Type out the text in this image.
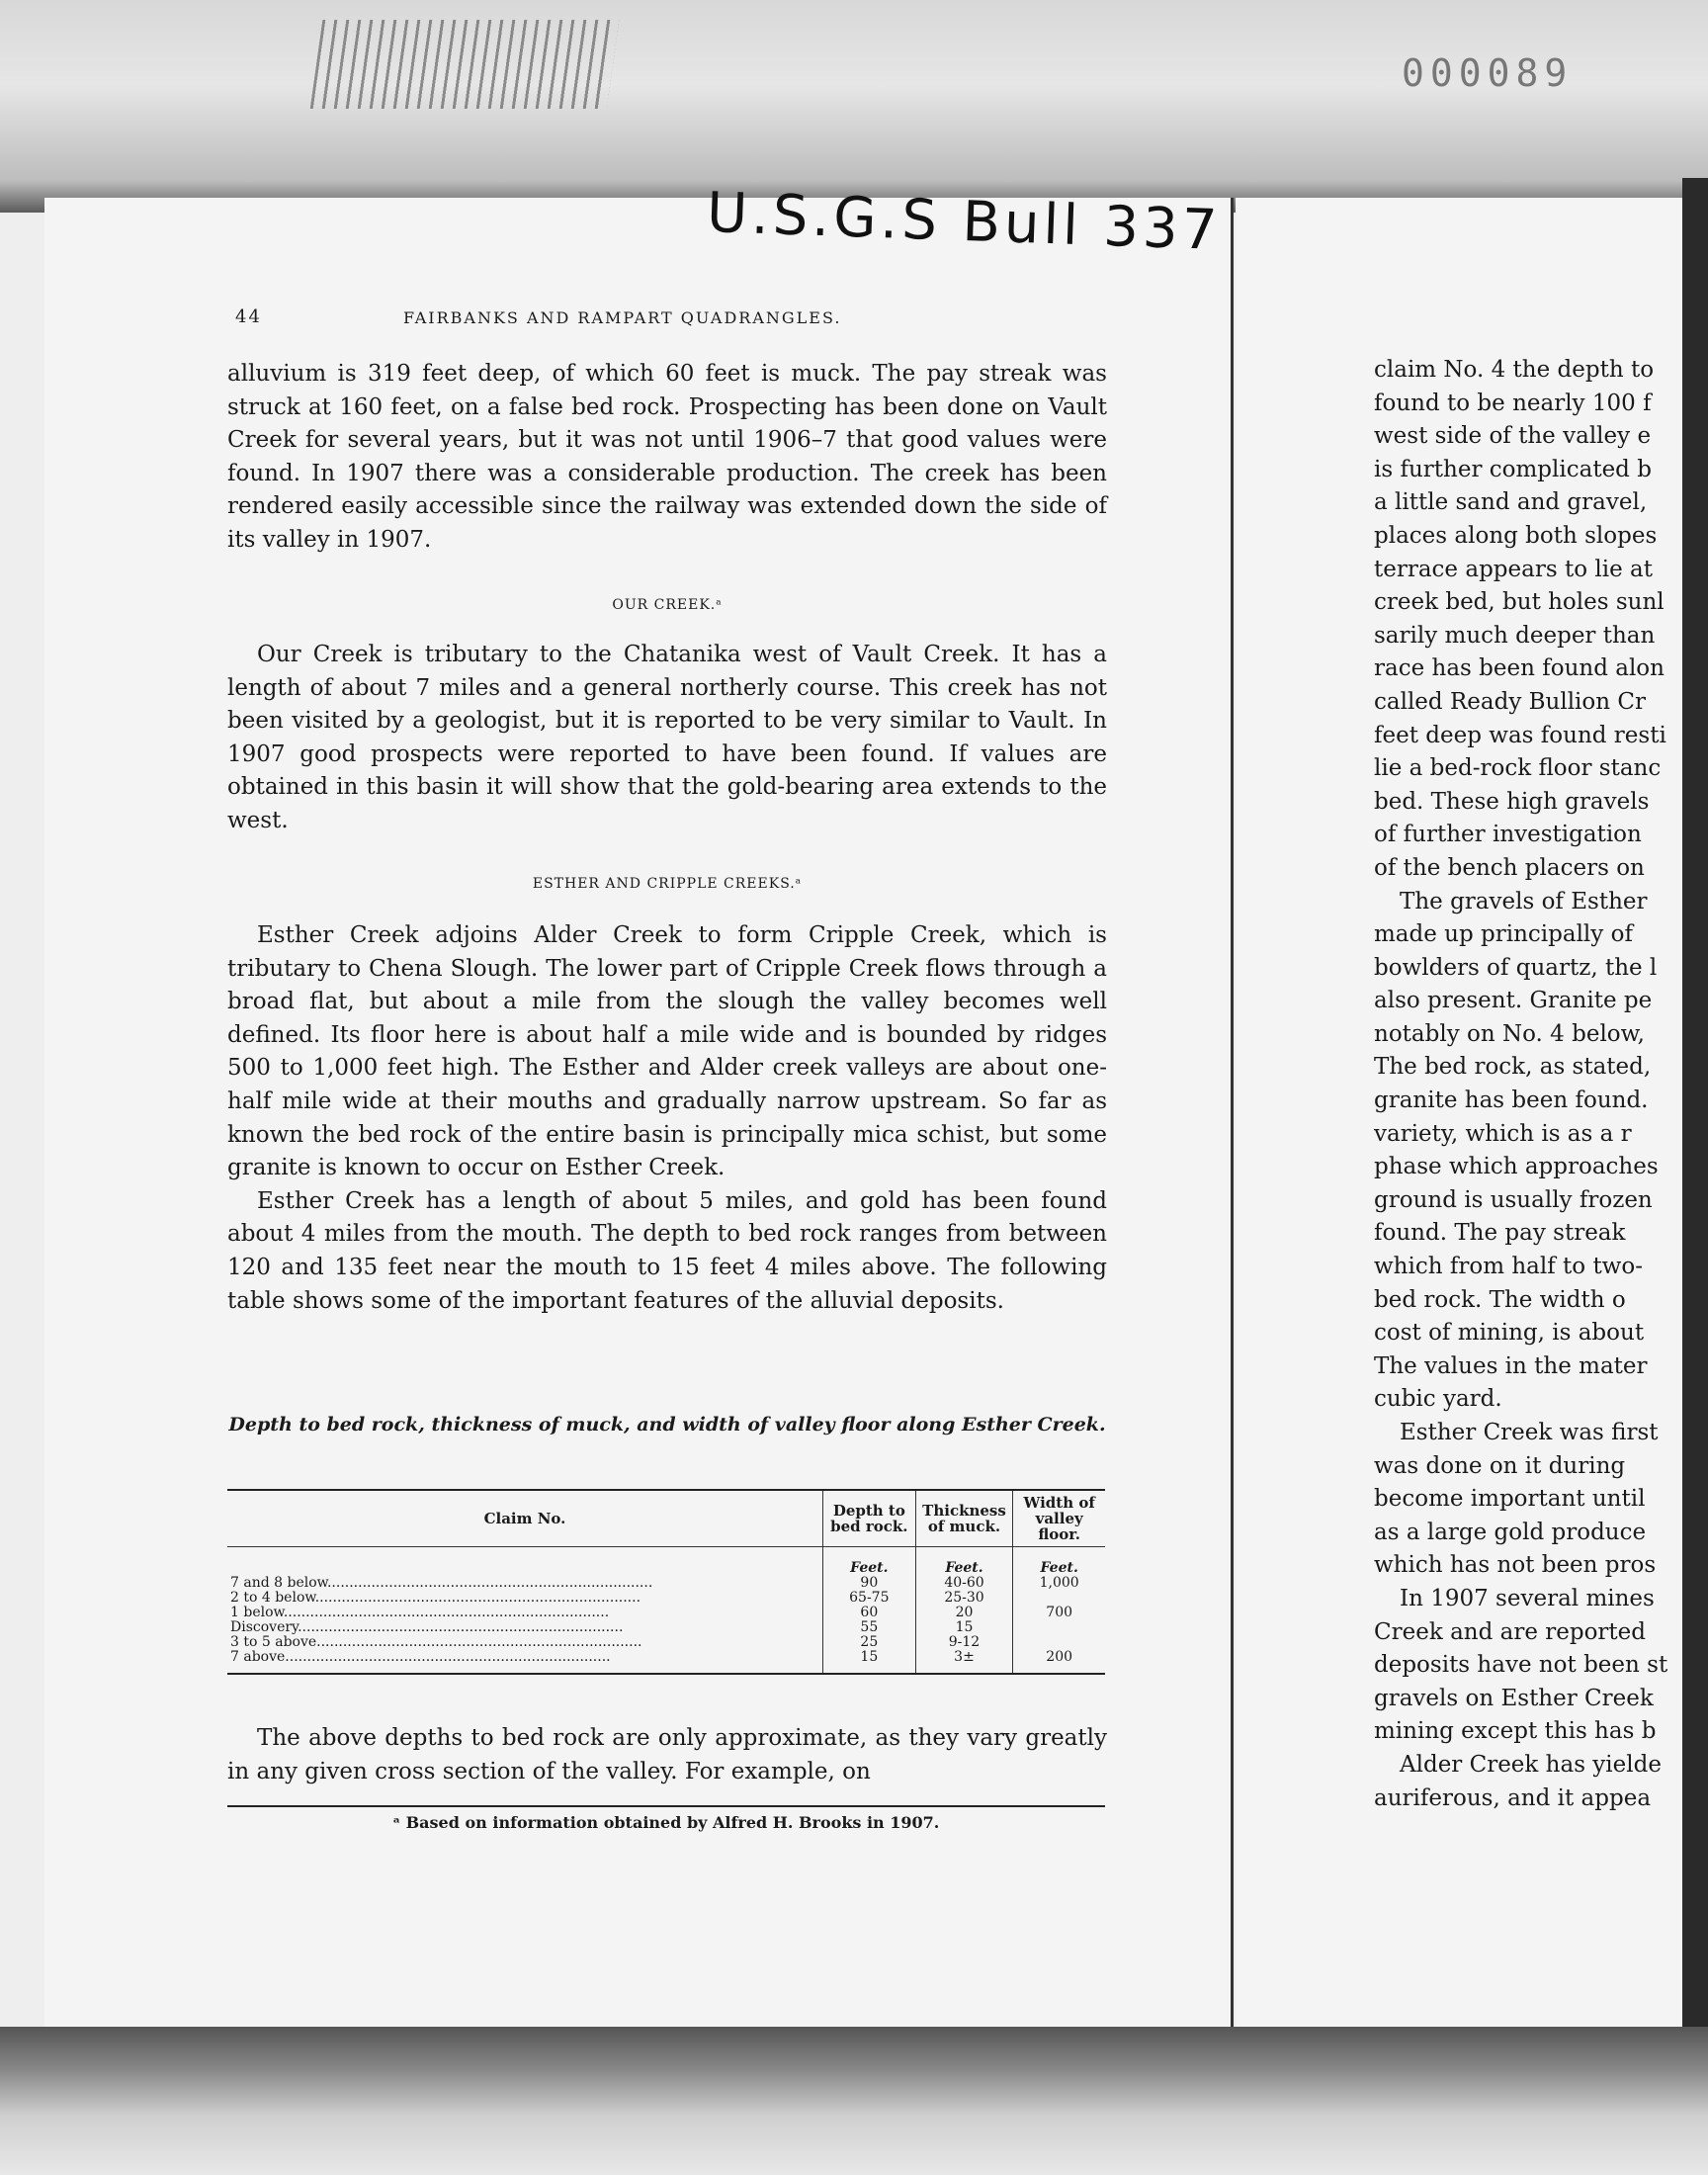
000089
U.S.G.S Bull 337
44	FAIRBANKS AND RAMPART QUADRANGLES.

alluvium is 319 feet deep, of which 60 feet is muck. The pay streak was struck at 160 feet, on a false bed rock. Prospecting has been done on Vault Creek for several years, but it was not until 1906–7 that good values were found. In 1907 there was a considerable production. The creek has been rendered easily accessible since the railway was extended down the side of its valley in 1907.

OUR CREEK.ᵃ

Our Creek is tributary to the Chatanika west of Vault Creek. It has a length of about 7 miles and a general northerly course. This creek has not been visited by a geologist, but it is reported to be very similar to Vault. In 1907 good prospects were reported to have been found. If values are obtained in this basin it will show that the gold-bearing area extends to the west.

ESTHER AND CRIPPLE CREEKS.ᵃ

Esther Creek adjoins Alder Creek to form Cripple Creek, which is tributary to Chena Slough. The lower part of Cripple Creek flows through a broad flat, but about a mile from the slough the valley becomes well defined. Its floor here is about half a mile wide and is bounded by ridges 500 to 1,000 feet high. The Esther and Alder creek valleys are about one-half mile wide at their mouths and gradually narrow upstream. So far as known the bed rock of the entire basin is principally mica schist, but some granite is known to occur on Esther Creek.

Esther Creek has a length of about 5 miles, and gold has been found about 4 miles from the mouth. The depth to bed rock ranges from between 120 and 135 feet near the mouth to 15 feet 4 miles above. The following table shows some of the important features of the alluvial deposits.

Depth to bed rock, thickness of muck, and width of valley floor along Esther Creek.
Claim No.	Depth to bed rock.	Thickness of muck.	Width of valley floor.
	Feet.	Feet.	Feet.
7 and 8 below..........................................................................	90	40-60	1,000
2 to 4 below..........................................................................	65-75	25-30	
1 below..........................................................................	60	20	700
Discovery..........................................................................	55	15	
3 to 5 above..........................................................................	25	9-12	
7 above..........................................................................	15	3±	200

The above depths to bed rock are only approximate, as they vary greatly in any given cross section of the valley. For example, on

ᵃ Based on information obtained by Alfred H. Brooks in 1907.
claim No. 4 the depth to
found to be nearly 100 f
west side of the valley e
is further complicated b
a little sand and gravel,
places along both slopes
terrace appears to lie at
creek bed, but holes sunl
sarily much deeper than
race has been found alon
called Ready Bullion Cr
feet deep was found resti
lie a bed-rock floor stanc
bed. These high gravels
of further investigation
of the bench placers on
The gravels of Esther
made up principally of
bowlders of quartz, the l
also present. Granite pe
notably on No. 4 below,
The bed rock, as stated,
granite has been found.
variety, which is as a r
phase which approaches
ground is usually frozen
found. The pay streak
which from half to two-
bed rock. The width o
cost of mining, is about
The values in the mater
cubic yard.
Esther Creek was first
was done on it during
become important until
as a large gold produce
which has not been pros
In 1907 several mines
Creek and are reported
deposits have not been st
gravels on Esther Creek
mining except this has b
Alder Creek has yielde
auriferous, and it appea
